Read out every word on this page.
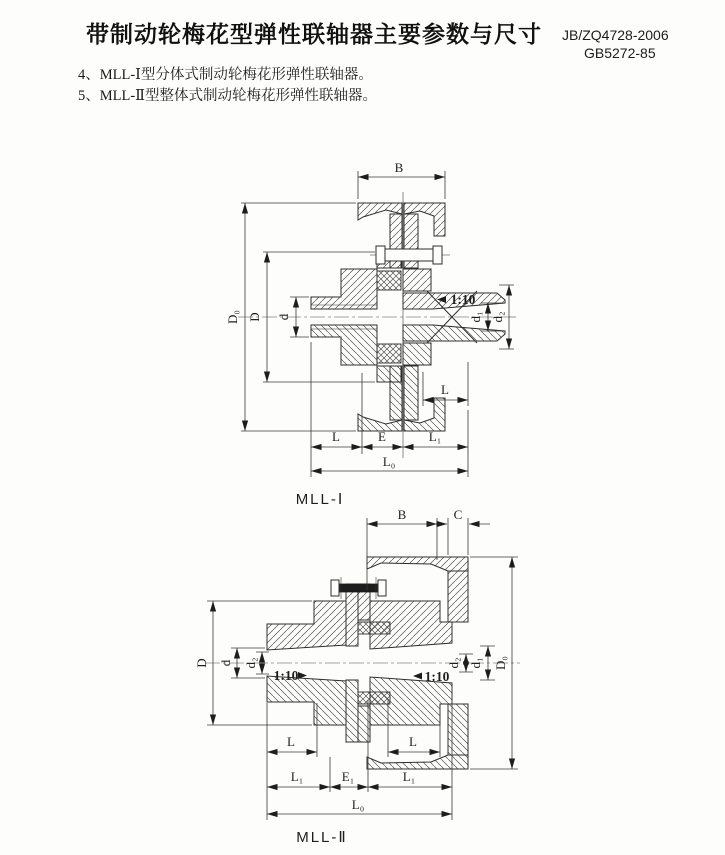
带制动轮梅花型弹性联轴器主要参数与尺寸 JB/ZQ4728-2006
GB5272-85
4、MLL-Ⅰ型分体式制动轮梅花形弹性联轴器。
5、MLL-Ⅱ型整体式制动轮梅花形弹性联轴器。
B
D₀ D d	d₁ d₂
1:10
L
L	E	L₁
L₀
MLL-Ⅰ
B	C
D₀
D d d₂	d₂ d₁
1:10	1:10
L	L
L₁	E₁	L₁
L₀
MLL-Ⅱ
